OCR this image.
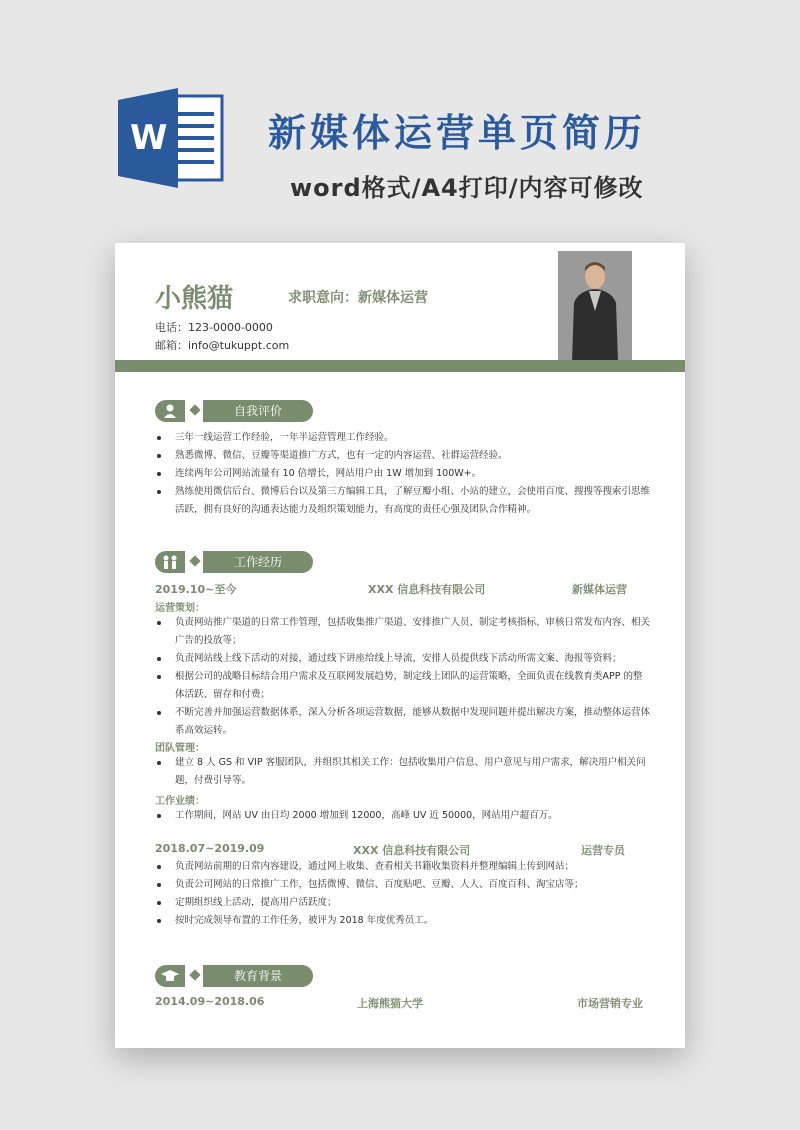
W	新媒体运营单页简历
word格式/A4打印/内容可修改
小熊猫	求职意向：新媒体运营
电话：123-0000-0000
邮箱：info@tukuppt.com
自我评价
三年一线运营工作经验，一年半运营管理工作经验。
熟悉微博、微信、豆瓣等渠道推广方式，也有一定的内容运营、社群运营经验。
连续两年公司网站流量有 10 倍增长，网站用户由 1W 增加到 100W+。
熟练使用微信后台、微博后台以及第三方编辑工具，了解豆瓣小组、小站的建立，会使用百度、搜搜等搜索引思维活跃，拥有良好的沟通表达能力及组织策划能力，有高度的责任心强及团队合作精神。
工作经历
2019.10~至今	XXX 信息科技有限公司	新媒体运营
运营策划：
负责网站推广渠道的日常工作管理，包括收集推广渠道、安排推广人员、制定考核指标、审核日常发布内容、相关广告的投放等；
负责网站线上线下活动的对接，通过线下讲座给线上导流，安排人员提供线下活动所需文案、海报等资料；
根据公司的战略目标结合用户需求及互联网发展趋势，制定线上团队的运营策略，全面负责在线教育类APP 的整体活跃、留存和付费；
不断完善并加强运营数据体系，深入分析各项运营数据，能够从数据中发现问题并提出解决方案，推动整体运营体系高效运转。
团队管理：
建立 8 人 GS 和 VIP 客服团队，并组织其相关工作：包括收集用户信息、用户意见与用户需求，解决用户相关问题，付费引导等。
工作业绩：
工作期间，网站 UV 由日均 2000 增加到 12000，高峰 UV 近 50000，网站用户超百万。
2018.07~2019.09	XXX 信息科技有限公司	运营专员
负责网站前期的日常内容建设，通过网上收集、查看相关书籍收集资料并整理编辑上传到网站；
负责公司网站的日常推广工作，包括微博、微信、百度贴吧、豆瓣、人人、百度百科、淘宝店等；
定期组织线上活动，提高用户活跃度；
按时完成领导布置的工作任务，被评为 2018 年度优秀员工。
教育背景
2014.09~2018.06	上海熊猫大学	市场营销专业
